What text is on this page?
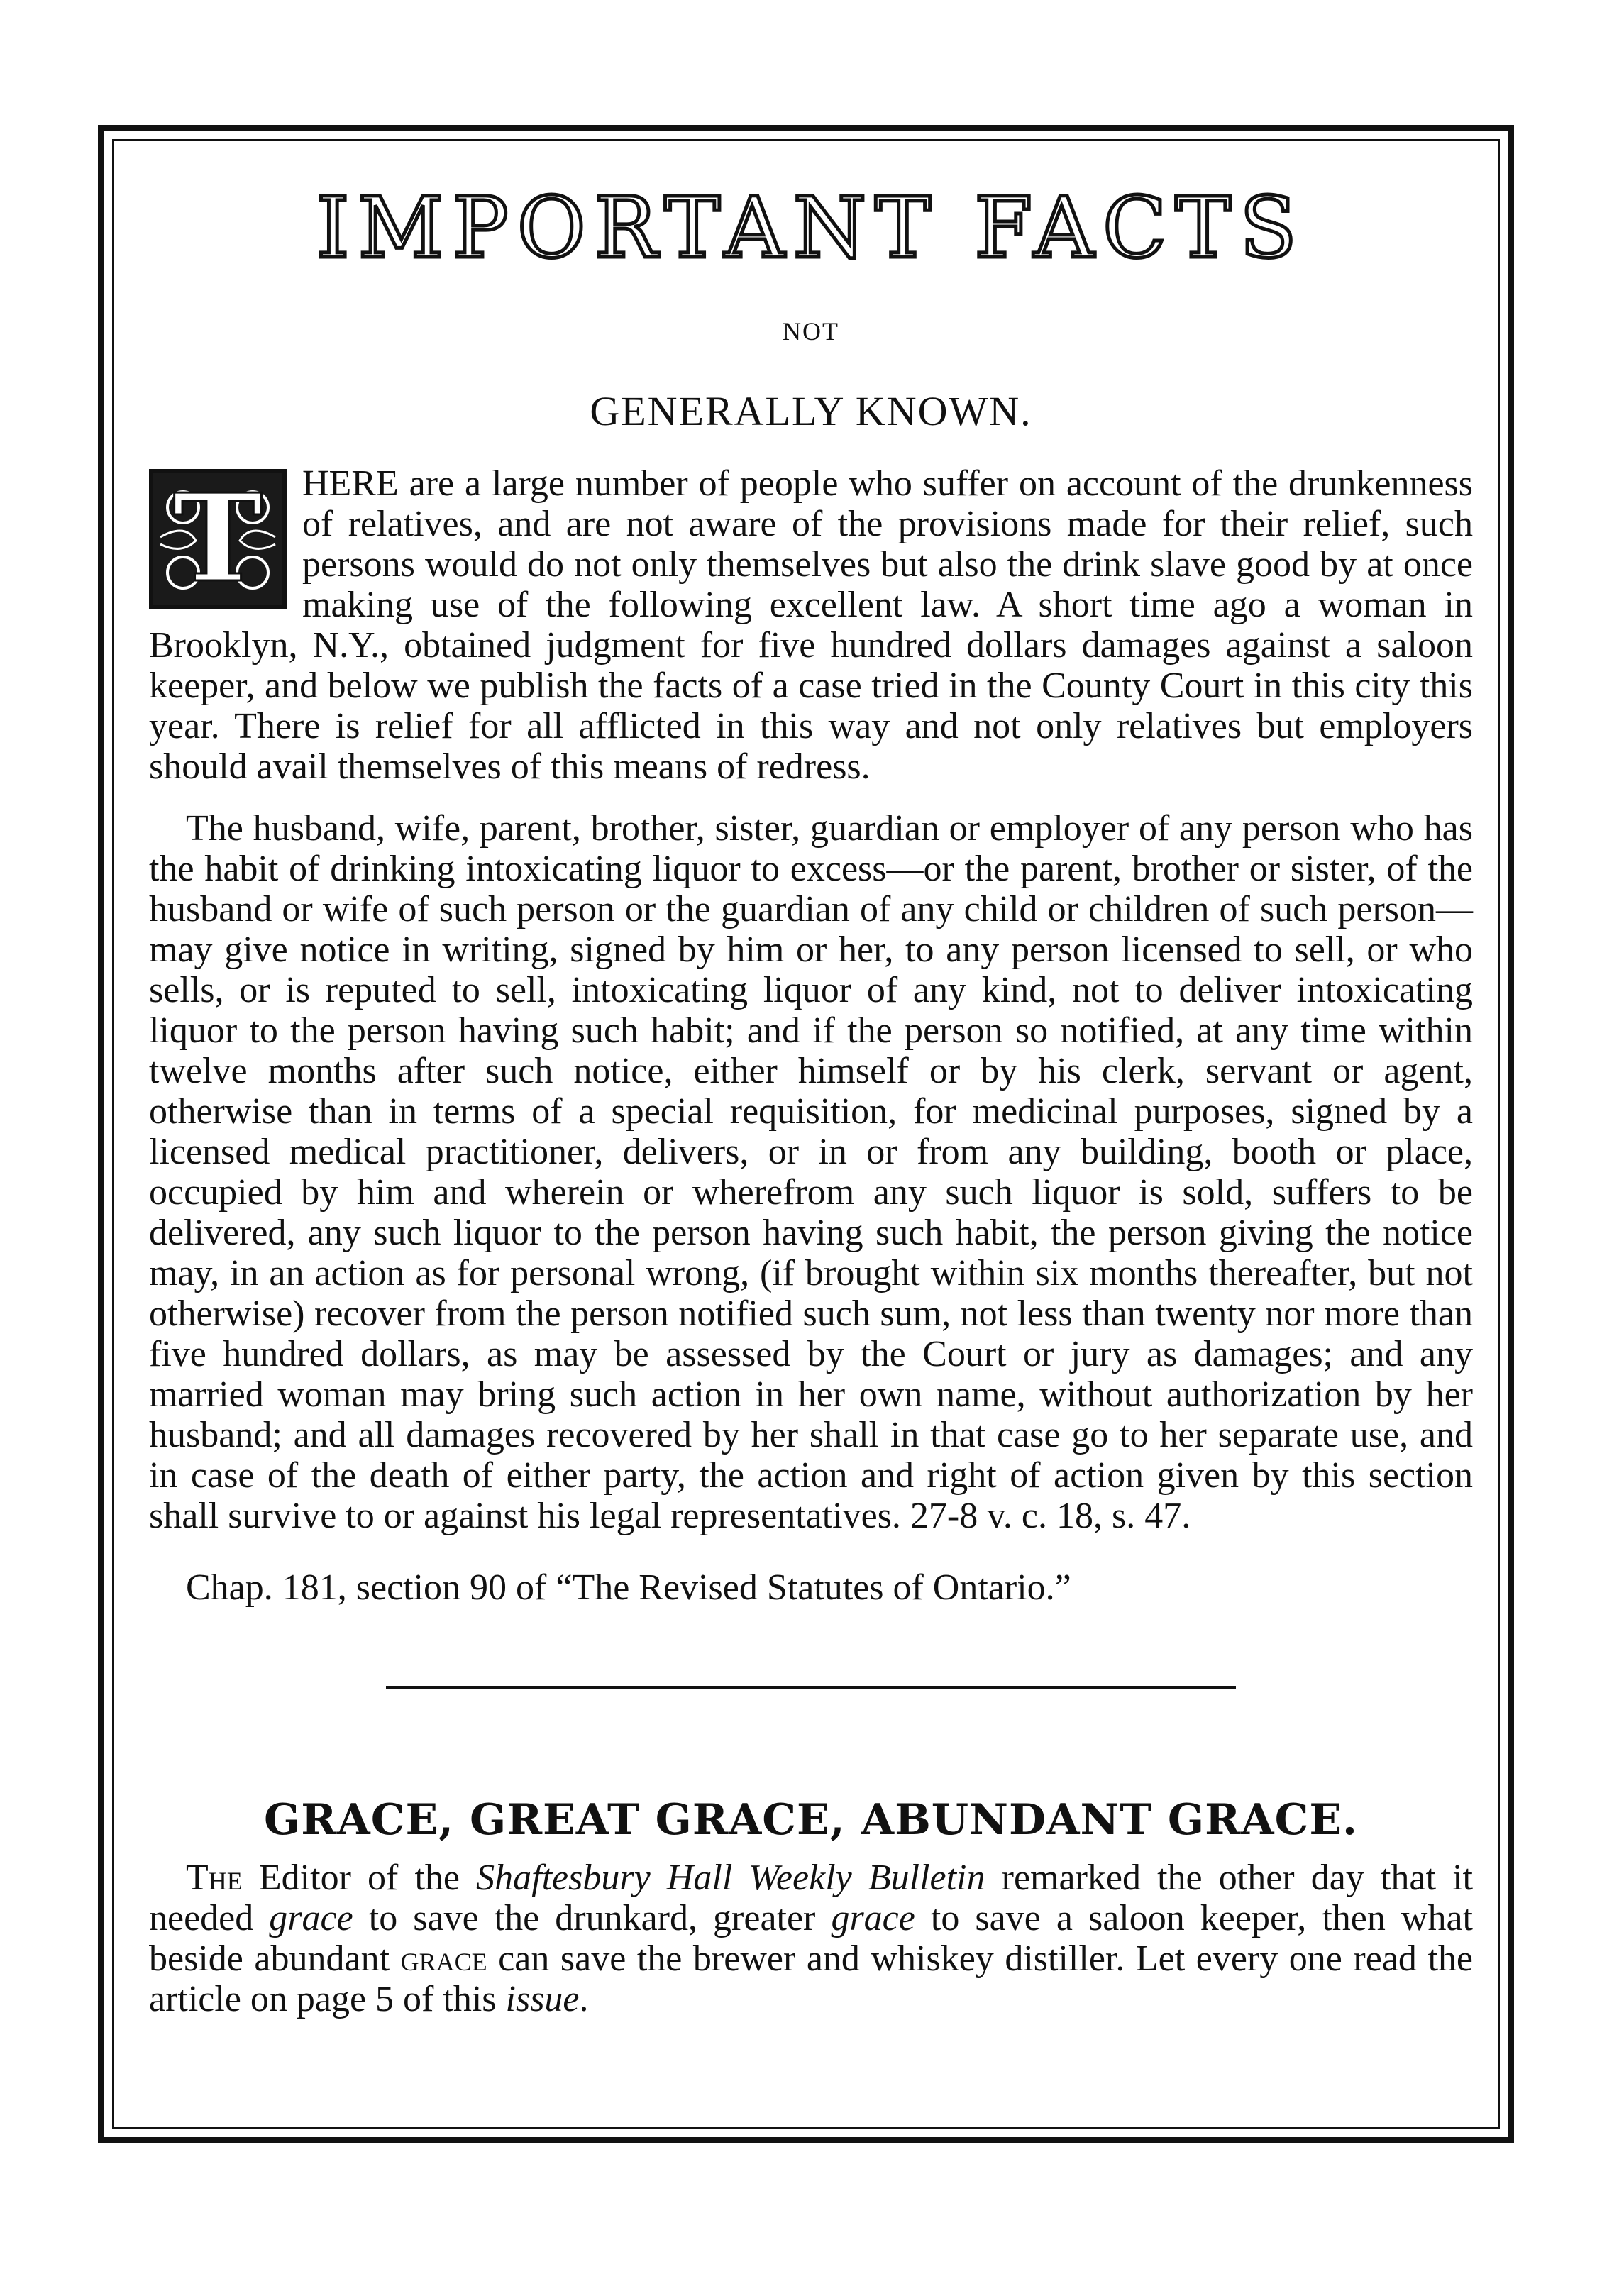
IMPORTANT FACTS
NOT
GENERALLY KNOWN.

T	HERE are a large number of people who suffer on account of the drunkenness of relatives, and are not aware of the provisions made for their relief, such persons would do not only themselves but also the drink slave good by at once making use of the following excellent law. A short time ago a woman in Brooklyn, N.Y., obtained judgment for five hundred dollars damages against a saloon keeper, and below we publish the facts of a case tried in the County Court in this city this year. There is relief for all afflicted in this way and not only relatives but employers should avail themselves of this means of redress.

The husband, wife, parent, brother, sister, guardian or employer of any person who has the habit of drinking intoxicating liquor to excess—or the parent, brother or sister, of the husband or wife of such person or the guardian of any child or children of such person—may give notice in writing, signed by him or her, to any person licensed to sell, or who sells, or is reputed to sell, intoxicating liquor of any kind, not to deliver intoxicating liquor to the person having such habit; and if the person so notified, at any time within twelve months after such notice, either himself or by his clerk, servant or agent, otherwise than in terms of a special requisition, for medicinal purposes, signed by a licensed medical practitioner, delivers, or in or from any building, booth or place, occupied by him and wherein or wherefrom any such liquor is sold, suffers to be delivered, any such liquor to the person having such habit, the person giving the notice may, in an action as for personal wrong, (if brought within six months thereafter, but not otherwise) recover from the person notified such sum, not less than twenty nor more than five hundred dollars, as may be assessed by the Court or jury as damages; and any married woman may bring such action in her own name, without authorization by her husband; and all damages recovered by her shall in that case go to her separate use, and in case of the death of either party, the action and right of action given by this section shall survive to or against his legal representatives. 27-8 v. c. 18, s. 47.

Chap. 181, section 90 of “The Revised Statutes of Ontario.”

GRACE, GREAT GRACE, ABUNDANT GRACE.

The Editor of the Shaftesbury Hall Weekly Bulletin remarked the other day that it needed grace to save the drunkard, greater grace to save a saloon keeper, then what beside abundant grace can save the brewer and whiskey distiller. Let every one read the article on page 5 of this issue.
